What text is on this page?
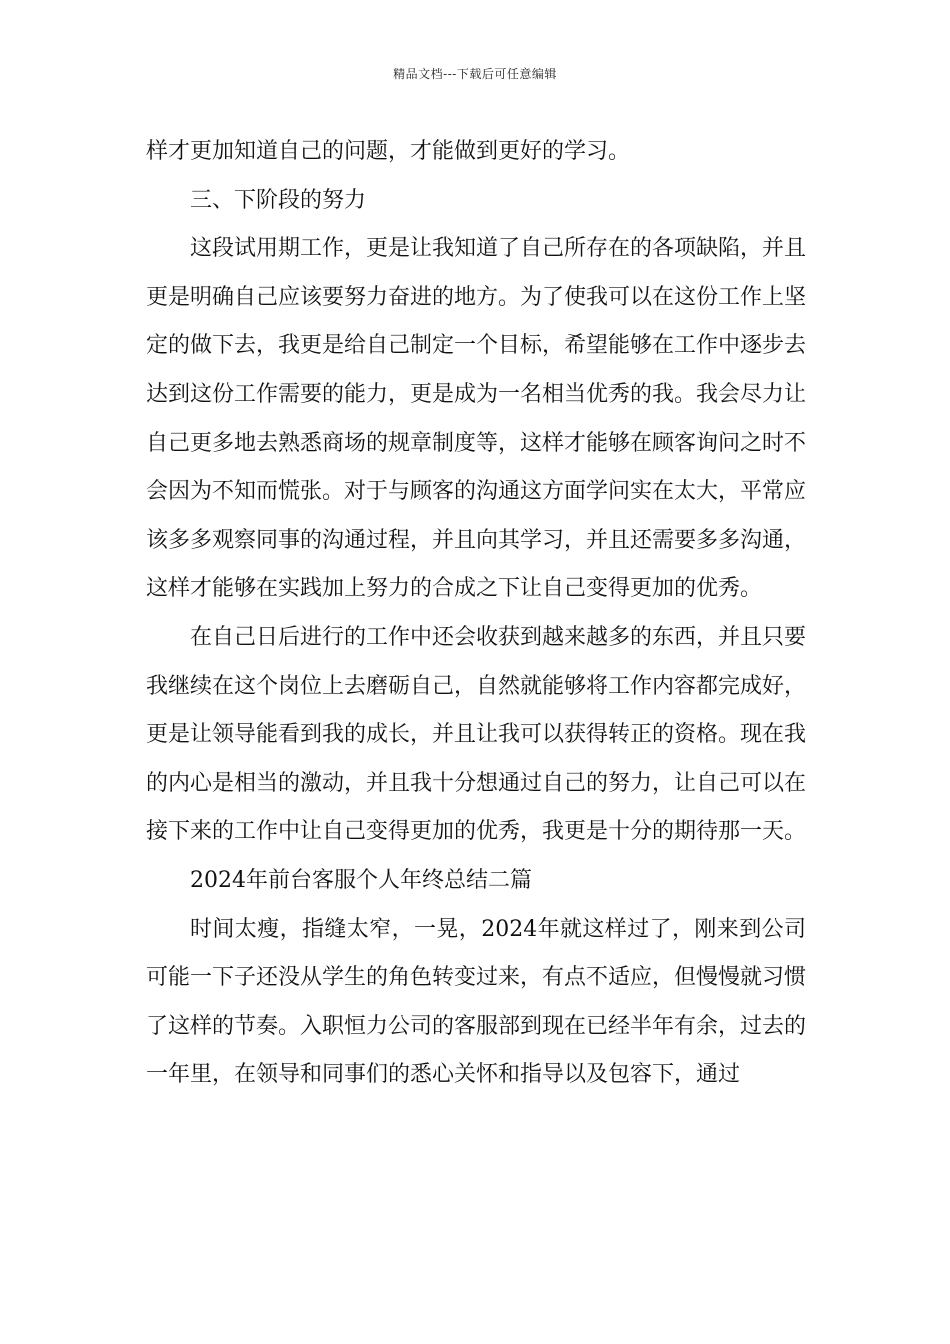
精品文档---下载后可任意编辑

样才更加知道自己的问题，才能做到更好的学习。

三、下阶段的努力

这段试用期工作，更是让我知道了自己所存在的各项缺陷，并且更是明确自己应该要努力奋进的地方。为了使我可以在这份工作上坚定的做下去，我更是给自己制定一个目标，希望能够在工作中逐步去达到这份工作需要的能力，更是成为一名相当优秀的我。我会尽力让自己更多地去熟悉商场的规章制度等，这样才能够在顾客询问之时不会因为不知而慌张。对于与顾客的沟通这方面学问实在太大，平常应该多多观察同事的沟通过程，并且向其学习，并且还需要多多沟通，这样才能够在实践加上努力的合成之下让自己变得更加的优秀。

在自己日后进行的工作中还会收获到越来越多的东西，并且只要我继续在这个岗位上去磨砺自己，自然就能够将工作内容都完成好，更是让领导能看到我的成长，并且让我可以获得转正的资格。现在我的内心是相当的激动，并且我十分想通过自己的努力，让自己可以在接下来的工作中让自己变得更加的优秀，我更是十分的期待那一天。

2024年前台客服个人年终总结二篇

时间太瘦，指缝太窄，一晃，2024年就这样过了，刚来到公司可能一下子还没从学生的角色转变过来，有点不适应，但慢慢就习惯了这样的节奏。入职恒力公司的客服部到现在已经半年有余，过去的一年里，在领导和同事们的悉心关怀和指导以及包容下，通过
